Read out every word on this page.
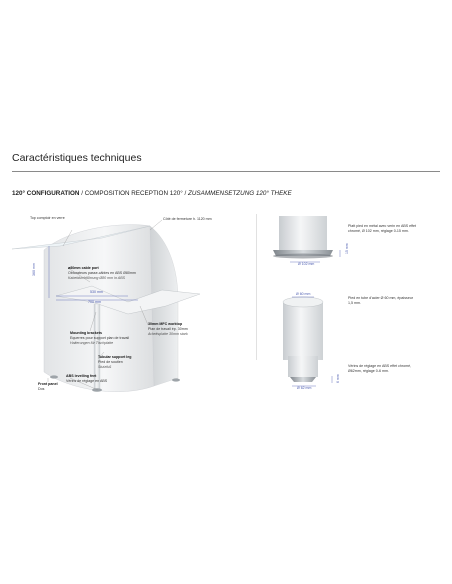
Caractéristiques techniques
120° CONFIGURATION / COMPOSITION RECEPTION 120° / ZUSAMMENSETZUNG 120° THEKE
Top comptoir en verre	Côté de fermeture h. 1120 mm
ø80mm cable port
Obturateurs passe-câbles en ABS Ø80mm
Kabeldurchführung Ø80 mm in ABS
Mounting brackets
Equerres pour support plan de travail
Halterungen für Tischplatte
30mm MFC worktop
Plan de travail ép. 30mm
Arbeitsplatte 30mm stark
Tubular support leg
Pied de soutien
Stutzfuß
ABS levelling feet
Vérins de réglage en ABS
Front panel
Dos
360 mm
530 mm
700 mm
Platt pied en métal avec verin en ABS effet
chromé, Ø 102 mm, réglage 0-15 mm.
Ø 102 mm
15 mm
Ø 60 mm
Pied en tube d'acier Ø 60 mm, épaisseur
1,5 mm.
Vérins de réglage en ABS effet chromé,
Ø62mm, réglage 0-6 mm.
6 mm
Ø 62 mm
